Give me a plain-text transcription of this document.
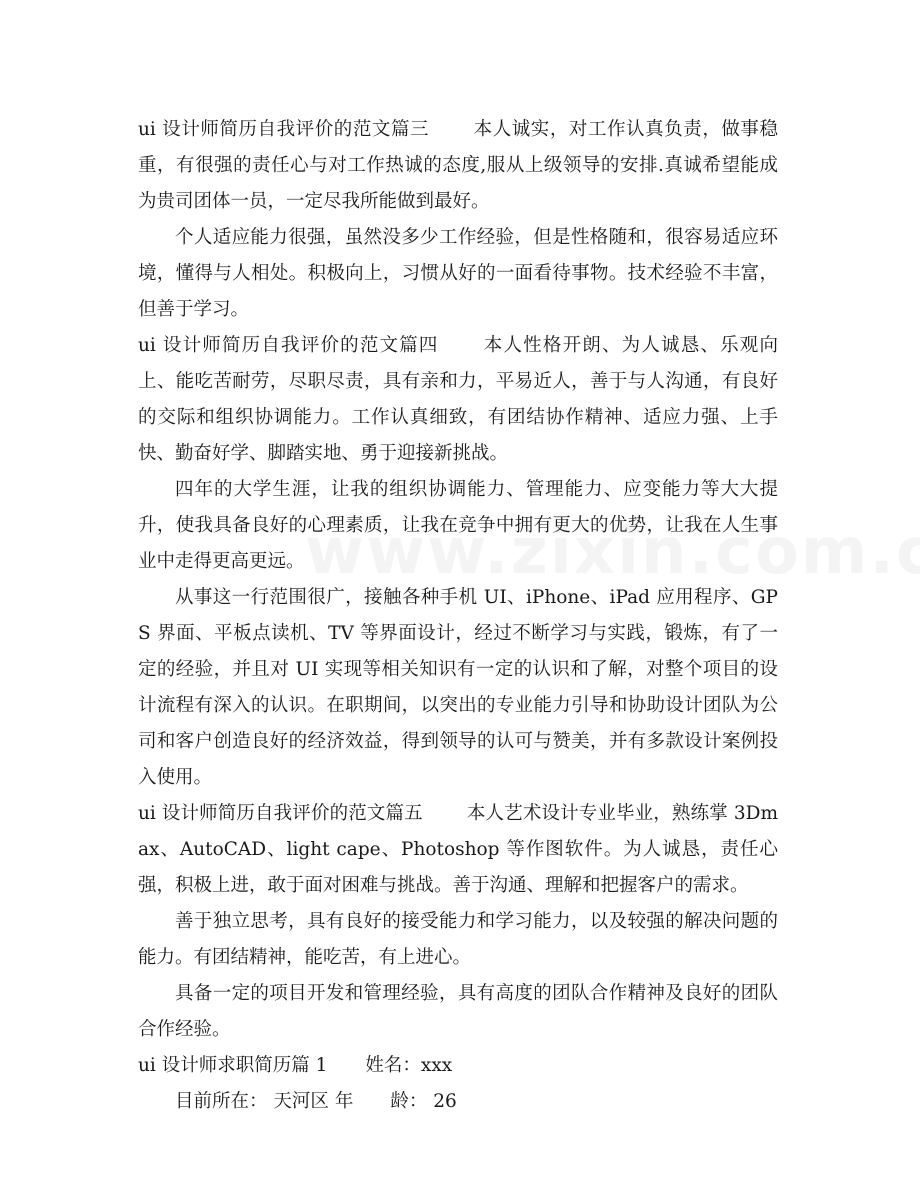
ui 设计师简历自我评价的范文篇三 本人诚实，对工作认真负责，做事稳重，有很强的责任心与对工作热诚的态度,服从上级领导的安排.真诚希望能成为贵司团体一员，一定尽我所能做到最好。

个人适应能力很强，虽然没多少工作经验，但是性格随和，很容易适应环境，懂得与人相处。积极向上，习惯从好的一面看待事物。技术经验不丰富，但善于学习。

ui 设计师简历自我评价的范文篇四 本人性格开朗、为人诚恳、乐观向上、能吃苦耐劳，尽职尽责，具有亲和力，平易近人，善于与人沟通，有良好的交际和组织协调能力。工作认真细致，有团结协作精神、适应力强、上手快、勤奋好学、脚踏实地、勇于迎接新挑战。

四年的大学生涯，让我的组织协调能力、管理能力、应变能力等大大提升，使我具备良好的心理素质，让我在竞争中拥有更大的优势，让我在人生事业中走得更高更远。

从事这一行范围很广，接触各种手机 UI、iPhone、iPad 应用程序、GPS 界面、平板点读机、TV 等界面设计，经过不断学习与实践，锻炼，有了一定的经验，并且对 UI 实现等相关知识有一定的认识和了解，对整个项目的设计流程有深入的认识。在职期间，以突出的专业能力引导和协助设计团队为公司和客户创造良好的经济效益，得到领导的认可与赞美，并有多款设计案例投入使用。

ui 设计师简历自我评价的范文篇五 本人艺术设计专业毕业，熟练掌 3Dmax、AutoCAD、light cape、Photoshop 等作图软件。为人诚恳，责任心强，积极上进，敢于面对困难与挑战。善于沟通、理解和把握客户的需求。

善于独立思考，具有良好的接受能力和学习能力，以及较强的解决问题的能力。有团结精神，能吃苦，有上进心。

具备一定的项目开发和管理经验，具有高度的团队合作精神及良好的团队合作经验。

ui 设计师求职简历篇 1 姓名：xxx

目前所在： 天河区 年　　龄： 26
